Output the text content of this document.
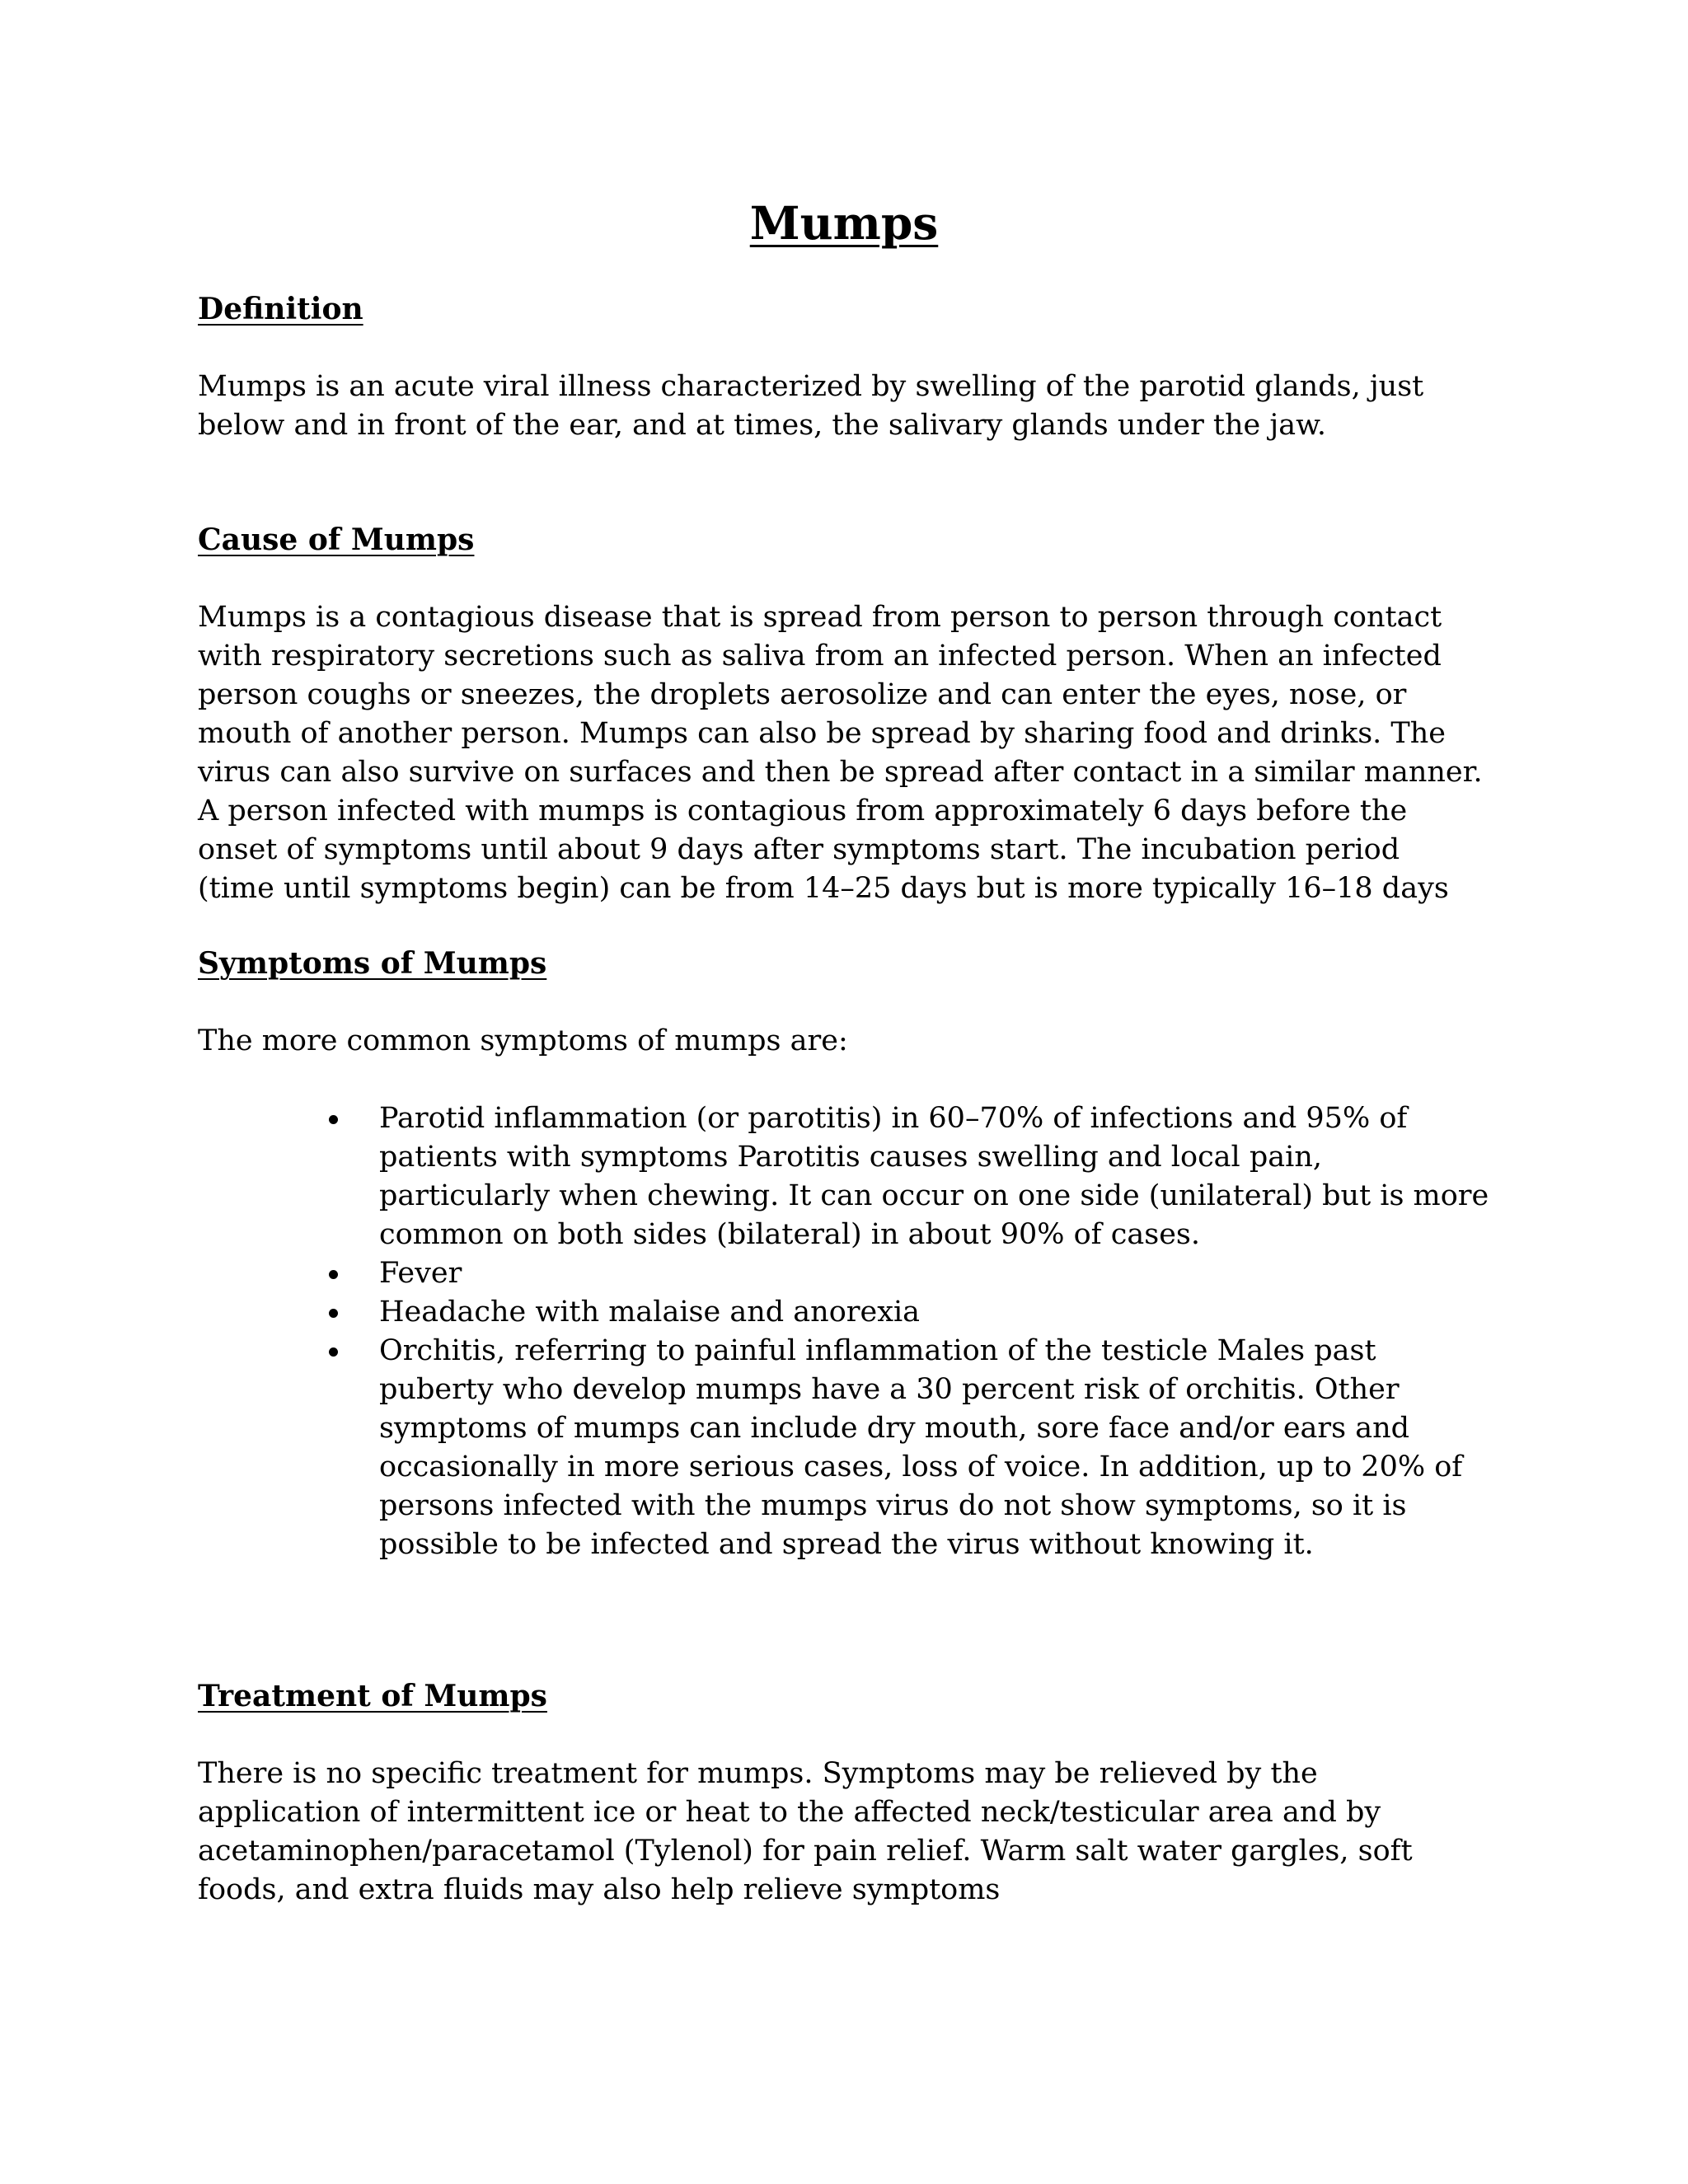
Mumps
Definition

Mumps is an acute viral illness characterized by swelling of the parotid glands, just below and in front of the ear, and at times, the salivary glands under the jaw.

Cause of Mumps

Mumps is a contagious disease that is spread from person to person through contact with respiratory secretions such as saliva from an infected person. When an infected person coughs or sneezes, the droplets aerosolize and can enter the eyes, nose, or mouth of another person. Mumps can also be spread by sharing food and drinks. The virus can also survive on surfaces and then be spread after contact in a similar manner. A person infected with mumps is contagious from approximately 6 days before the onset of symptoms until about 9 days after symptoms start. The incubation period (time until symptoms begin) can be from 14–25 days but is more typically 16–18 days

Symptoms of Mumps

The more common symptoms of mumps are:

Parotid inflammation (or parotitis) in 60–70% of infections and 95% of patients with symptoms Parotitis causes swelling and local pain, particularly when chewing. It can occur on one side (unilateral) but is more common on both sides (bilateral) in about 90% of cases.
Fever
Headache with malaise and anorexia
Orchitis, referring to painful inflammation of the testicle Males past puberty who develop mumps have a 30 percent risk of orchitis. Other symptoms of mumps can include dry mouth, sore face and/or ears and occasionally in more serious cases, loss of voice. In addition, up to 20% of persons infected with the mumps virus do not show symptoms, so it is possible to be infected and spread the virus without knowing it.
Treatment of Mumps

There is no specific treatment for mumps. Symptoms may be relieved by the application of intermittent ice or heat to the affected neck/testicular area and by acetaminophen/paracetamol (Tylenol) for pain relief. Warm salt water gargles, soft foods, and extra fluids may also help relieve symptoms
